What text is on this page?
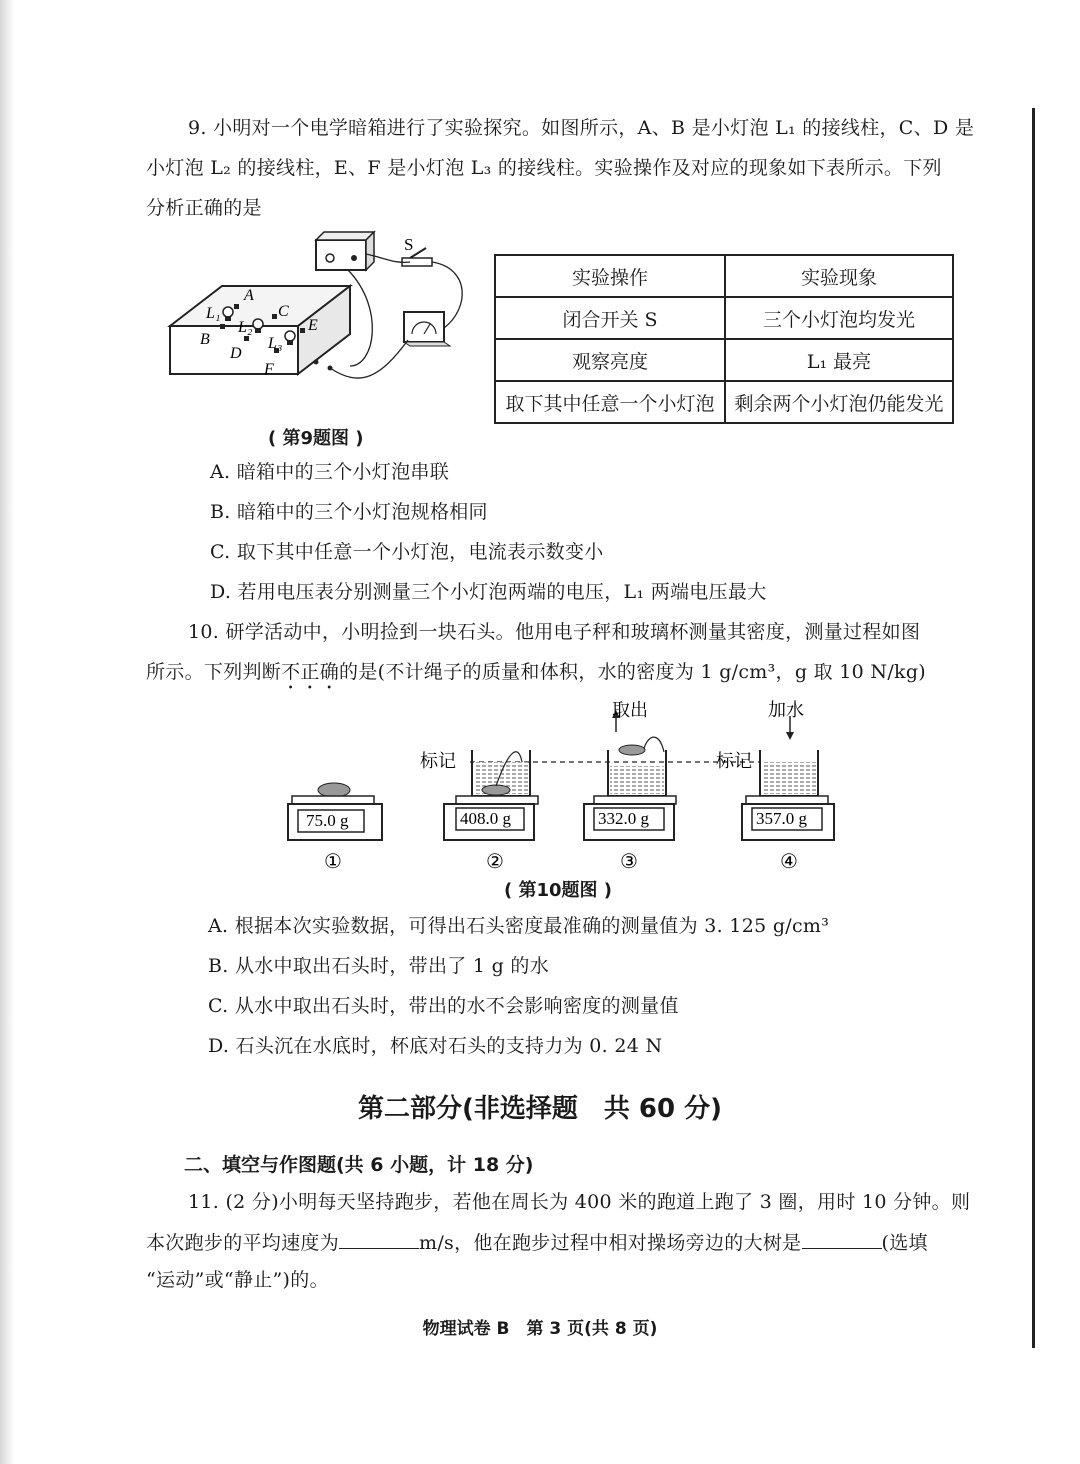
9. 小明对一个电学暗箱进行了实验探究。如图所示，A、B 是小灯泡 L₁ 的接线柱，C、D 是
小灯泡 L₂ 的接线柱，E、F 是小灯泡 L₃ 的接线柱。实验操作及对应的现象如下表所示。下列
分析正确的是
S
L₁
A
B
L₂
C
D
L₃
E
F
( 第9题图 )
实验操作	实验现象
闭合开关 S	三个小灯泡均发光
观察亮度	L₁ 最亮
取下其中任意一个小灯泡	剩余两个小灯泡仍能发光
A. 暗箱中的三个小灯泡串联
B. 暗箱中的三个小灯泡规格相同
C. 取下其中任意一个小灯泡，电流表示数变小
D. 若用电压表分别测量三个小灯泡两端的电压，L₁ 两端电压最大
10. 研学活动中，小明捡到一块石头。他用电子秤和玻璃杯测量其密度，测量过程如图
所示。下列判断不正确的是(不计绳子的质量和体积，水的密度为 1 g/cm³，g 取 10 N/kg)
75.0 g	408.0 g	332.0 g	357.0 g
标记	标记
取出	加水
①	②	③	④
( 第10题图 )
A. 根据本次实验数据，可得出石头密度最准确的测量值为 3. 125 g/cm³
B. 从水中取出石头时，带出了 1 g 的水
C. 从水中取出石头时，带出的水不会影响密度的测量值
D. 石头沉在水底时，杯底对石头的支持力为 0. 24 N
第二部分(非选择题　共 60 分)
二、填空与作图题(共 6 小题，计 18 分)
11. (2 分)小明每天坚持跑步，若他在周长为 400 米的跑道上跑了 3 圈，用时 10 分钟。则
本次跑步的平均速度为	m/s，他在跑步过程中相对操场旁边的大树是	(选填
“运动”或“静止”)的。
物理试卷 B　第 3 页(共 8 页)
